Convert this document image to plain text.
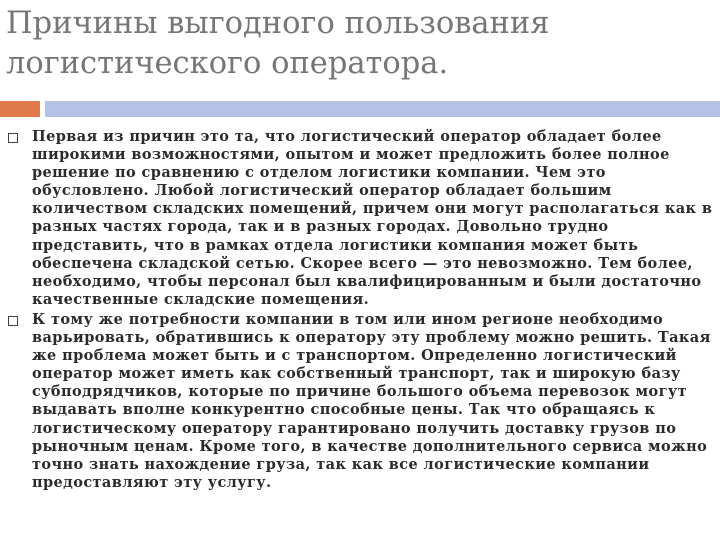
Причины выгодного пользования
логистического оператора.
Первая из причин это та, что логистический оператор обладает более широкими возможностями, опытом и может предложить более полное решение по сравнению с отделом логистики компании. Чем это обусловлено. Любой логистический оператор обладает большим количеством складских помещений, причем они могут располагаться как в разных частях города, так и в разных городах. Довольно трудно представить, что в рамках отдела логистики компания может быть обеспечена складской сетью. Скорее всего — это невозможно. Тем более, необходимо, чтобы персонал был квалифицированным и были достаточно качественные складские помещения.
К тому же потребности компании в том или ином регионе необходимо варьировать, обратившись к оператору эту проблему можно решить. Такая же проблема может быть и с транспортом. Определенно логистический оператор может иметь как собственный транспорт, так и широкую базу субподрядчиков, которые по причине большого объема перевозок могут выдавать вполне конкурентно способные цены. Так что обращаясь к логистическому оператору гарантировано получить доставку грузов по рыночным ценам. Кроме того, в качестве дополнительного сервиса можно точно знать нахождение груза, так как все логистические компании предоставляют эту услугу.
